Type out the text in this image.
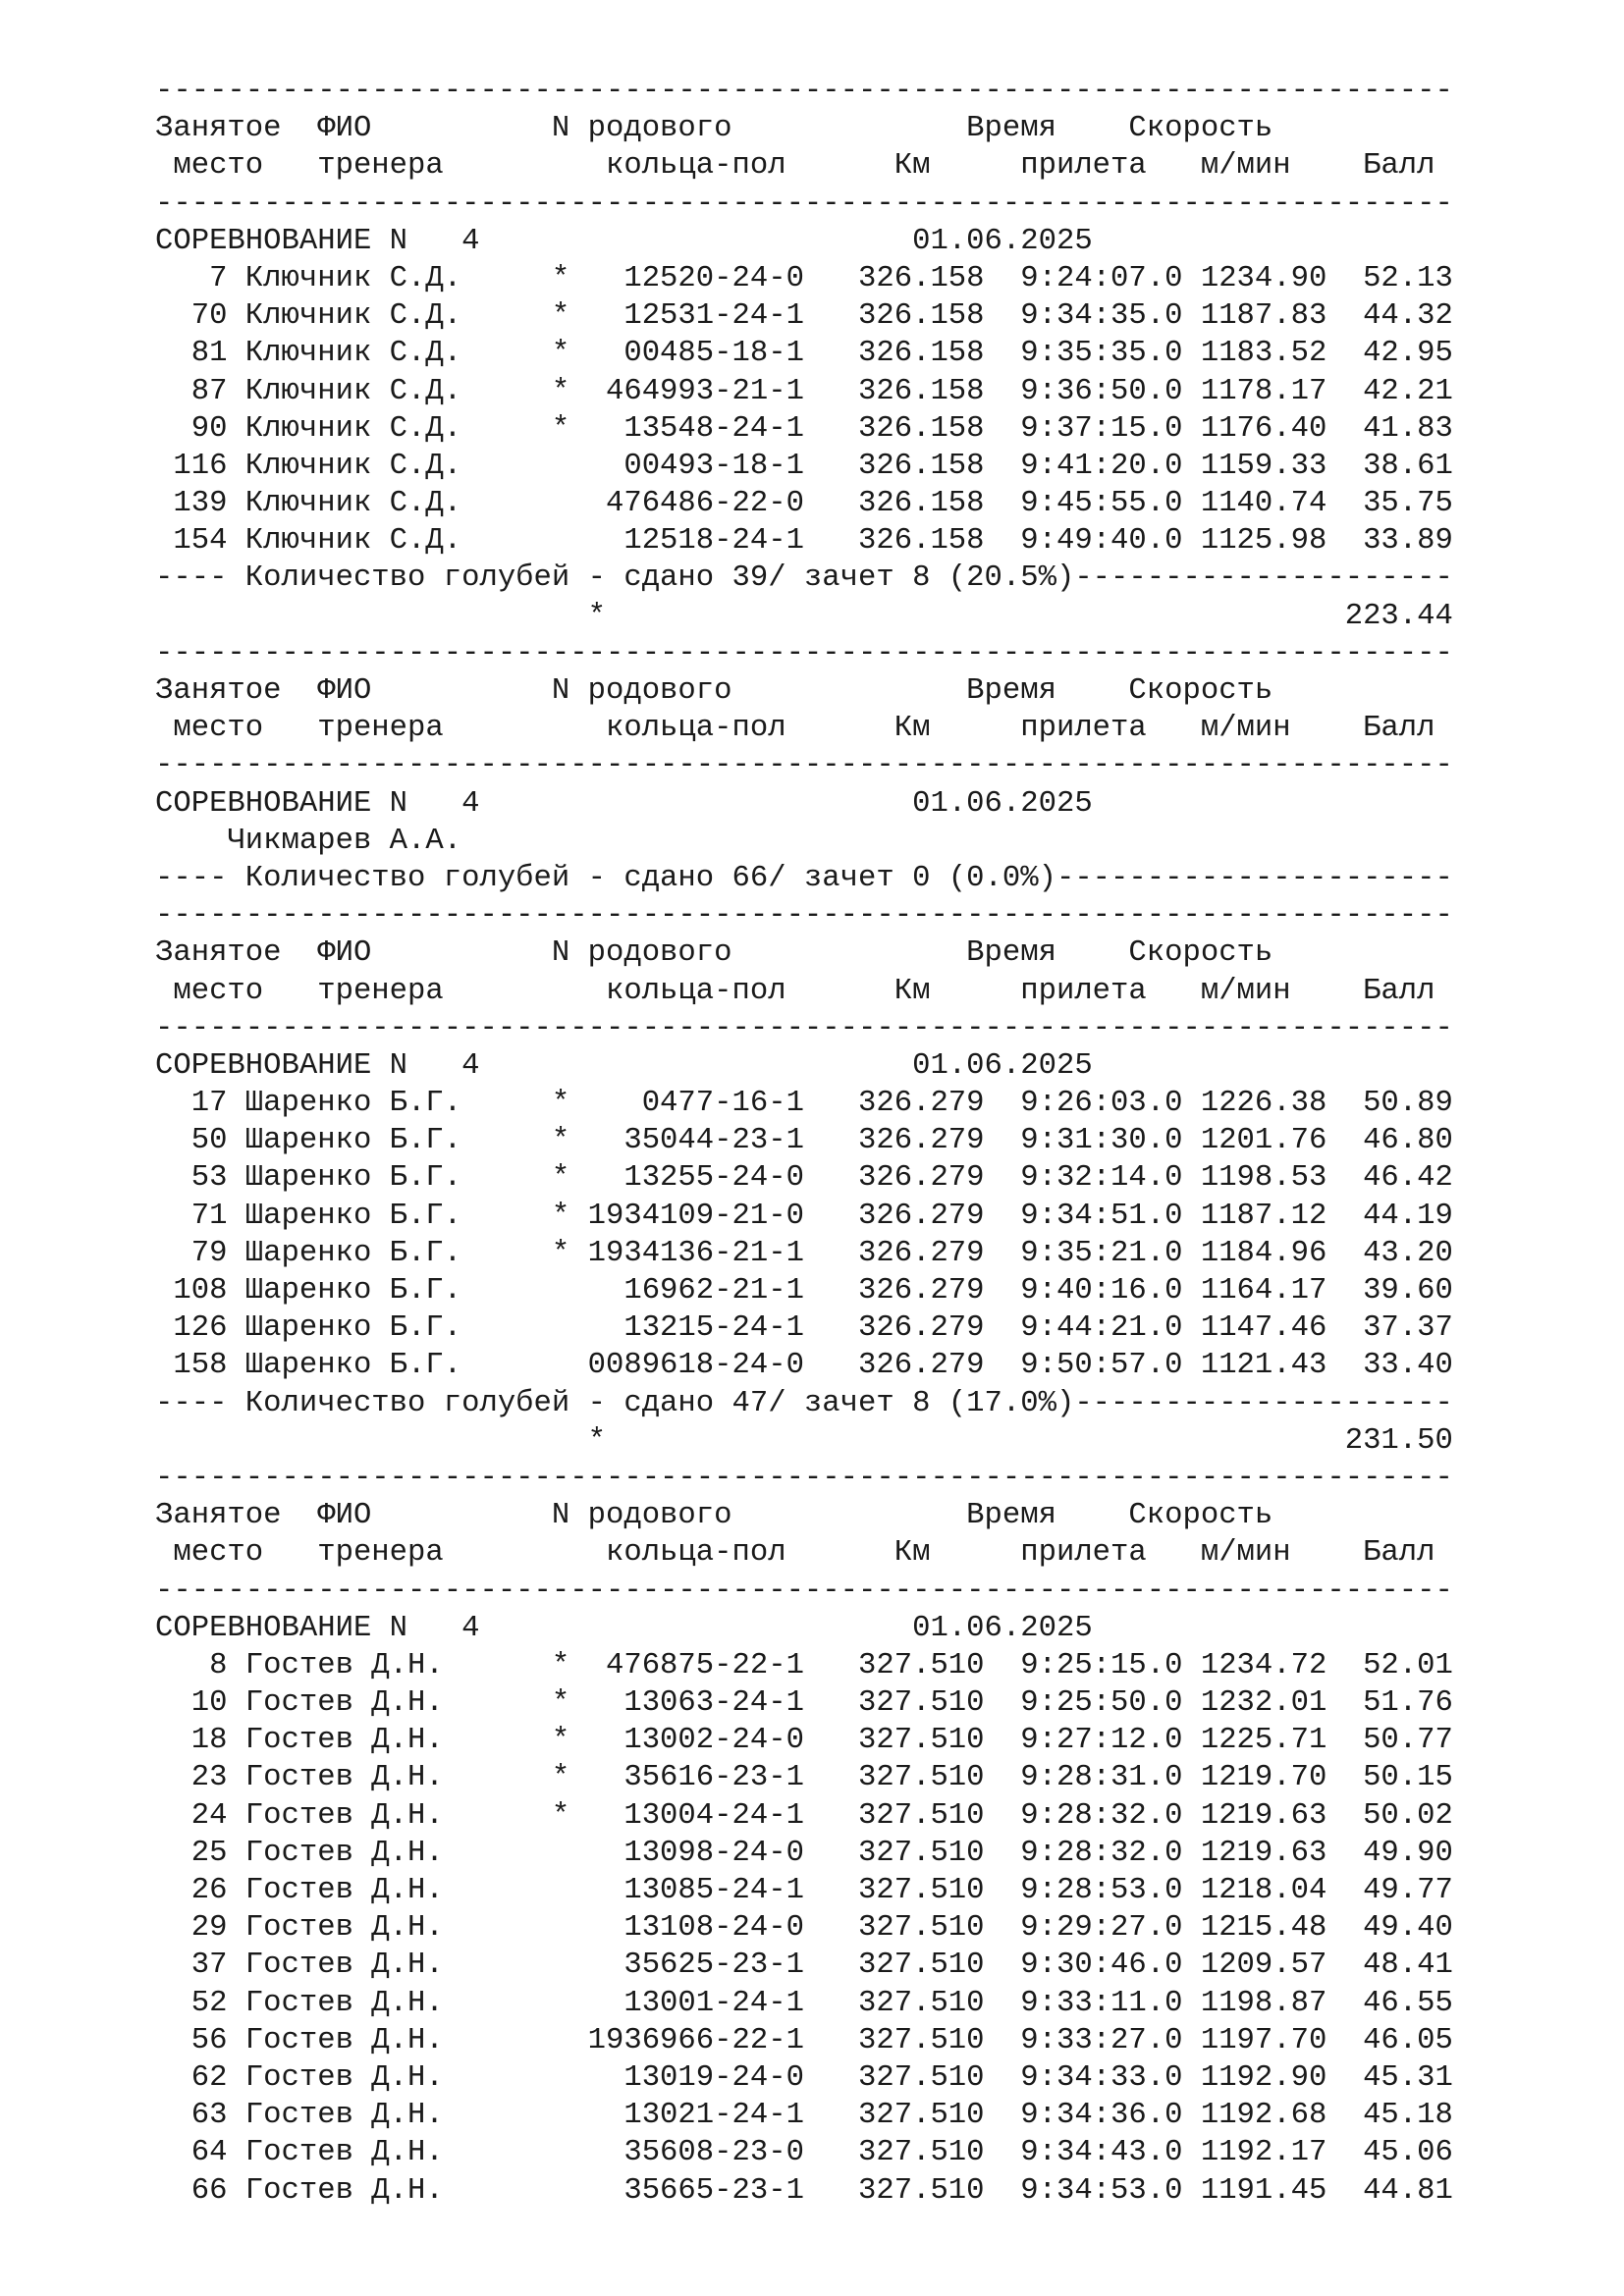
------------------------------------------------------------------------
Занятое ФИО	N родового	Время Скорость
место тренера	кольца-пол	Км	прилета м/мин Балл
------------------------------------------------------------------------
СОРЕВНОВАНИЕ N   4                        01.06.2025
7 Ключник С.Д.     *   12520-24-0   326.158  9:24:07.0 1234.90  52.13
70 Ключник С.Д.     *   12531-24-1   326.158  9:34:35.0 1187.83  44.32
81 Ключник С.Д.     *   00485-18-1   326.158  9:35:35.0 1183.52  42.95
87 Ключник С.Д.     *  464993-21-1   326.158  9:36:50.0 1178.17  42.21
90 Ключник С.Д.     *   13548-24-1   326.158  9:37:15.0 1176.40  41.83
116 Ключник С.Д.         00493-18-1   326.158  9:41:20.0 1159.33  38.61
139 Ключник С.Д.        476486-22-0   326.158  9:45:55.0 1140.74  35.75
154 Ключник С.Д.         12518-24-1   326.158  9:49:40.0 1125.98  33.89
---- Количество голубей - сдано 39/ зачет 8 (20.5%)---------------------
*                                         223.44
------------------------------------------------------------------------
Занятое ФИО	N родового	Время Скорость
место тренера	кольца-пол	Км	прилета м/мин Балл
------------------------------------------------------------------------
СОРЕВНОВАНИЕ N   4                        01.06.2025
Чикмарев А.А.
---- Количество голубей - сдано 66/ зачет 0 (0.0%)----------------------
------------------------------------------------------------------------
Занятое ФИО	N родового	Время Скорость
место тренера	кольца-пол	Км	прилета м/мин Балл
------------------------------------------------------------------------
СОРЕВНОВАНИЕ N   4                        01.06.2025
17 Шаренко Б.Г.     *    0477-16-1   326.279  9:26:03.0 1226.38  50.89
50 Шаренко Б.Г.     *   35044-23-1   326.279  9:31:30.0 1201.76  46.80
53 Шаренко Б.Г.     *   13255-24-0   326.279  9:32:14.0 1198.53  46.42
71 Шаренко Б.Г.     * 1934109-21-0   326.279  9:34:51.0 1187.12  44.19
79 Шаренко Б.Г.     * 1934136-21-1   326.279  9:35:21.0 1184.96  43.20
108 Шаренко Б.Г.         16962-21-1   326.279  9:40:16.0 1164.17  39.60
126 Шаренко Б.Г.         13215-24-1   326.279  9:44:21.0 1147.46  37.37
158 Шаренко Б.Г.       0089618-24-0   326.279  9:50:57.0 1121.43  33.40
---- Количество голубей - сдано 47/ зачет 8 (17.0%)---------------------
*                                         231.50
------------------------------------------------------------------------
Занятое ФИО	N родового	Время Скорость
место тренера	кольца-пол	Км	прилета м/мин Балл
------------------------------------------------------------------------
СОРЕВНОВАНИЕ N   4                        01.06.2025
8 Гостев Д.Н.      *  476875-22-1   327.510  9:25:15.0 1234.72  52.01
10 Гостев Д.Н.      *   13063-24-1   327.510  9:25:50.0 1232.01  51.76
18 Гостев Д.Н.      *   13002-24-0   327.510  9:27:12.0 1225.71  50.77
23 Гостев Д.Н.      *   35616-23-1   327.510  9:28:31.0 1219.70  50.15
24 Гостев Д.Н.      *   13004-24-1   327.510  9:28:32.0 1219.63  50.02
25 Гостев Д.Н.          13098-24-0   327.510  9:28:32.0 1219.63  49.90
26 Гостев Д.Н.          13085-24-1   327.510  9:28:53.0 1218.04  49.77
29 Гостев Д.Н.          13108-24-0   327.510  9:29:27.0 1215.48  49.40
37 Гостев Д.Н.          35625-23-1   327.510  9:30:46.0 1209.57  48.41
52 Гостев Д.Н.          13001-24-1   327.510  9:33:11.0 1198.87  46.55
56 Гостев Д.Н.        1936966-22-1   327.510  9:33:27.0 1197.70  46.05
62 Гостев Д.Н.          13019-24-0   327.510  9:34:33.0 1192.90  45.31
63 Гостев Д.Н.          13021-24-1   327.510  9:34:36.0 1192.68  45.18
64 Гостев Д.Н.          35608-23-0   327.510  9:34:43.0 1192.17  45.06
66 Гостев Д.Н.          35665-23-1   327.510  9:34:53.0 1191.45  44.81
